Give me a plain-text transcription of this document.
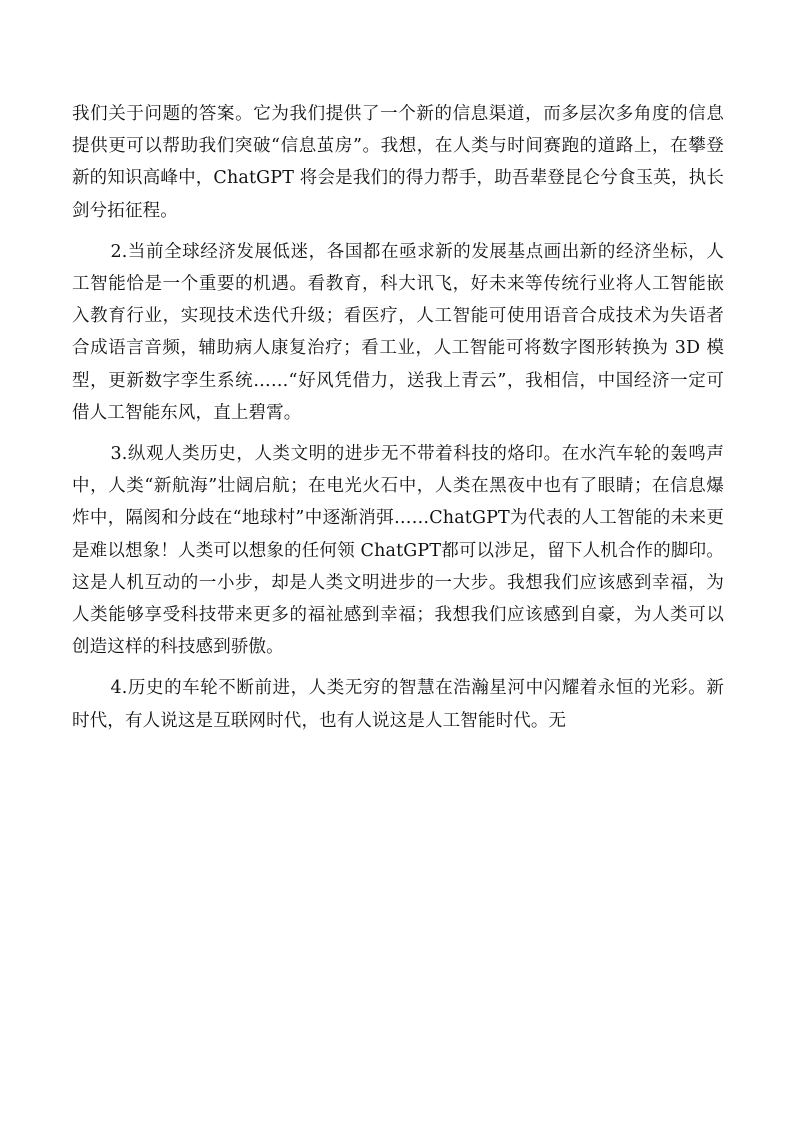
我们关于问题的答案。它为我们提供了一个新的信息渠道，而多层次多角度的信息提供更可以帮助我们突破“信息茧房”。我想，在人类与时间赛跑的道路上，在攀登新的知识高峰中，ChatGPT 将会是我们的得力帮手，助吾辈登昆仑兮食玉英，执长剑兮拓征程。

2.当前全球经济发展低迷，各国都在亟求新的发展基点画出新的经济坐标，人工智能恰是一个重要的机遇。看教育，科大讯飞，好未来等传统行业将人工智能嵌入教育行业，实现技术迭代升级；看医疗，人工智能可使用语音合成技术为失语者合成语言音频，辅助病人康复治疗；看工业，人工智能可将数字图形转换为 3D 模型，更新数字孪生系统……“好风凭借力，送我上青云”，我相信，中国经济一定可借人工智能东风，直上碧霄。

3.纵观人类历史，人类文明的进步无不带着科技的烙印。在水汽车轮的轰鸣声中，人类“新航海”壮阔启航；在电光火石中，人类在黑夜中也有了眼睛；在信息爆炸中，隔阂和分歧在“地球村”中逐渐消弭……ChatGPT为代表的人工智能的未来更是难以想象！人类可以想象的任何领 ChatGPT都可以涉足，留下人机合作的脚印。这是人机互动的一小步，却是人类文明进步的一大步。我想我们应该感到幸福，为人类能够享受科技带来更多的福祉感到幸福；我想我们应该感到自豪，为人类可以创造这样的科技感到骄傲。

4.历史的车轮不断前进，人类无穷的智慧在浩瀚星河中闪耀着永恒的光彩。新时代，有人说这是互联网时代，也有人说这是人工智能时代。无
